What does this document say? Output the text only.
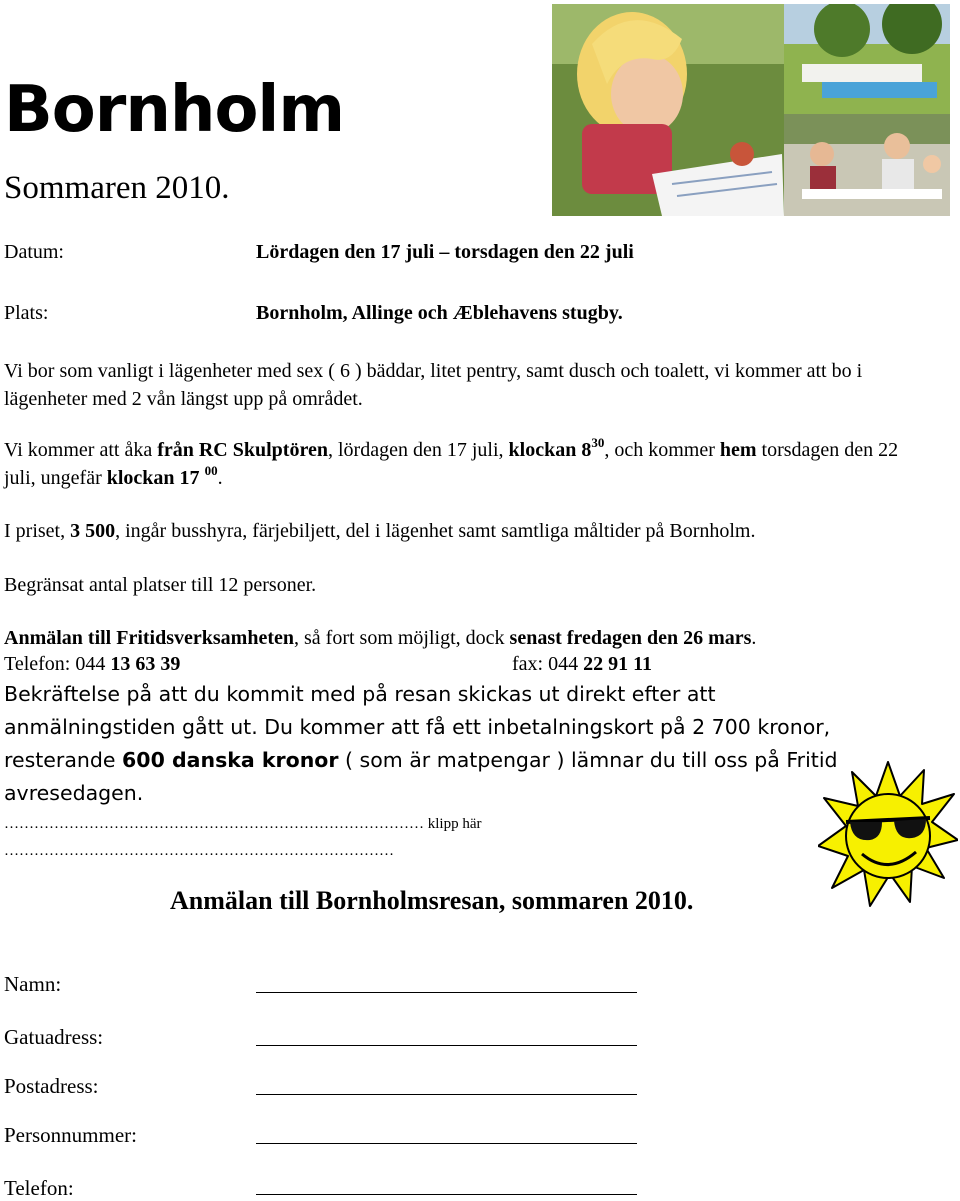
Bornholm
Sommaren 2010.
Datum:	Lördagen den 17 juli – torsdagen den 22 juli
Plats:	Bornholm, Allinge och Æblehavens stugby.
Vi bor som vanligt i lägenheter med sex ( 6 ) bäddar, litet pentry, samt dusch och toalett, vi kommer att bo i lägenheter med 2 vån längst upp på området.
Vi kommer att åka från RC Skulptören, lördagen den 17 juli, klockan $8^{30}$, och kommer hem torsdagen den 22 juli, ungefär klockan 17 $^{00}$.
I priset, 3 500, ingår busshyra, färjebiljett, del i lägenhet samt samtliga måltider på Bornholm.
Begränsat antal platser till 12 personer.
Anmälan till Fritidsverksamheten, så fort som möjligt, dock senast fredagen den 26 mars.
Telefon: 044 13 63 39	fax: 044 22 91 11
Bekräftelse på att du kommit med på resan skickas ut direkt efter att anmälningstiden gått ut. Du kommer att få ett inbetalningskort på 2 700 kronor, resterande 600 danska kronor ( som är matpengar ) lämnar du till oss på Fritid avresedagen.
………………………………………………………………………… klipp här
……………………………………………………………………
Anmälan till Bornholmsresan, sommaren 2010.
Namn:
Gatuadress:
Postadress:
Personnummer:
Telefon:
